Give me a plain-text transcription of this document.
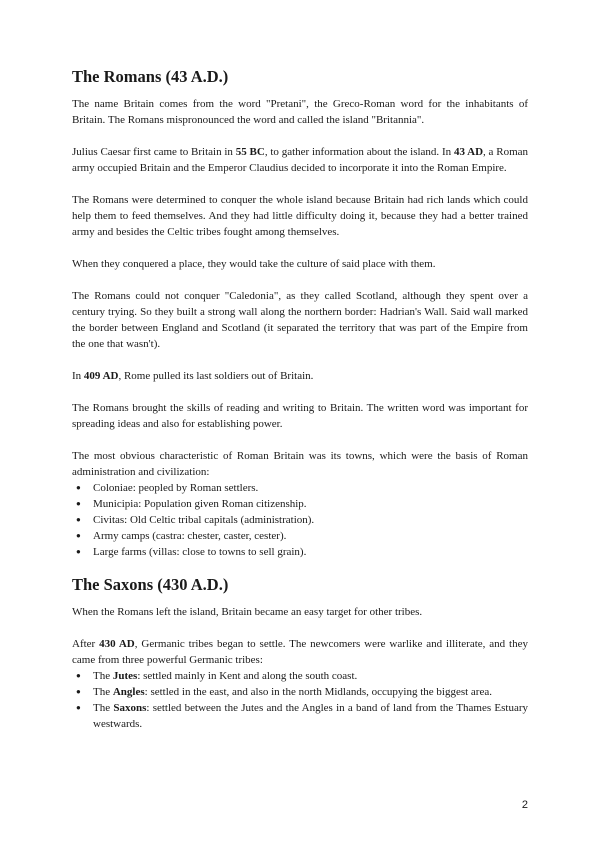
The Romans (43 A.D.)

The name Britain comes from the word "Pretani", the Greco-Roman word for the inhabitants of Britain. The Romans mispronounced the word and called the island "Britannia".

Julius Caesar first came to Britain in 55 BC, to gather information about the island. In 43 AD, a Roman army occupied Britain and the Emperor Claudius decided to incorporate it into the Roman Empire.

The Romans were determined to conquer the whole island because Britain had rich lands which could help them to feed themselves. And they had little difficulty doing it, because they had a better trained army and besides the Celtic tribes fought among themselves.

When they conquered a place, they would take the culture of said place with them.

The Romans could not conquer "Caledonia", as they called Scotland, although they spent over a century trying. So they built a strong wall along the northern border: Hadrian's Wall. Said wall marked the border between England and Scotland (it separated the territory that was part of the Empire from the one that wasn't).

In 409 AD, Rome pulled its last soldiers out of Britain.

The Romans brought the skills of reading and writing to Britain. The written word was important for spreading ideas and also for establishing power.

The most obvious characteristic of Roman Britain was its towns, which were the basis of Roman administration and civilization:

● Coloniae: peopled by Roman settlers.
● Municipia: Population given Roman citizenship.
● Civitas: Old Celtic tribal capitals (administration).
● Army camps (castra: chester, caster, cester).
● Large farms (villas: close to towns to sell grain).
The Saxons (430 A.D.)

When the Romans left the island, Britain became an easy target for other tribes.

After 430 AD, Germanic tribes began to settle. The newcomers were warlike and illiterate, and they came from three powerful Germanic tribes:

● The Jutes: settled mainly in Kent and along the south coast.
● The Angles: settled in the east, and also in the north Midlands, occupying the biggest area.
● The Saxons: settled between the Jutes and the Angles in a band of land from the Thames Estuary westwards.
2
